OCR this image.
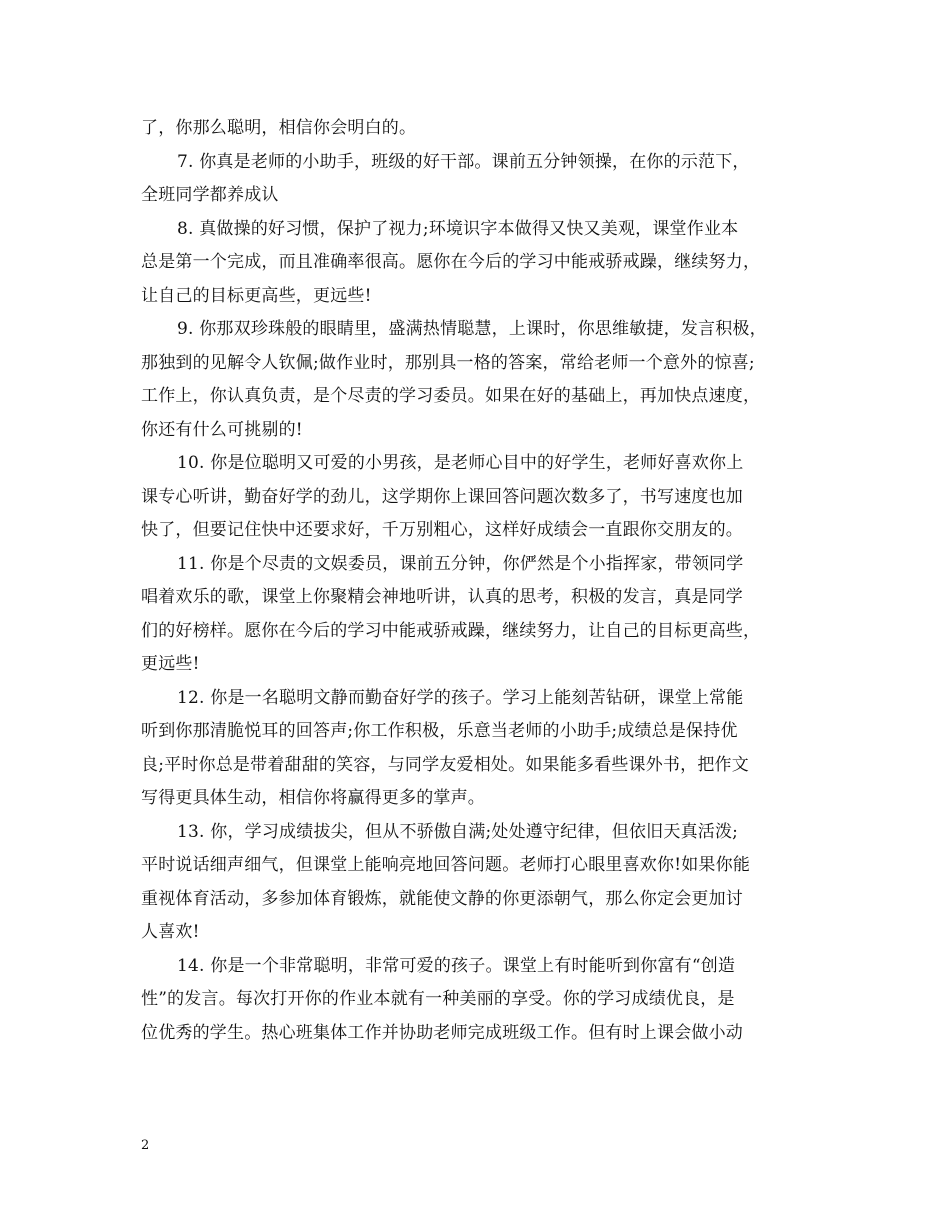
了，你那么聪明，相信你会明白的。
7. 你真是老师的小助手，班级的好干部。课前五分钟领操，在你的示范下，
全班同学都养成认
8. 真做操的好习惯，保护了视力;环境识字本做得又快又美观，课堂作业本
总是第一个完成，而且准确率很高。愿你在今后的学习中能戒骄戒躁，继续努力，
让自己的目标更高些，更远些!
9. 你那双珍珠般的眼睛里，盛满热情聪慧，上课时，你思维敏捷，发言积极，
那独到的见解令人钦佩;做作业时，那别具一格的答案，常给老师一个意外的惊喜;
工作上，你认真负责，是个尽责的学习委员。如果在好的基础上，再加快点速度，
你还有什么可挑剔的!
10. 你是位聪明又可爱的小男孩，是老师心目中的好学生，老师好喜欢你上
课专心听讲，勤奋好学的劲儿，这学期你上课回答问题次数多了，书写速度也加
快了，但要记住快中还要求好，千万别粗心，这样好成绩会一直跟你交朋友的。
11. 你是个尽责的文娱委员，课前五分钟，你俨然是个小指挥家，带领同学
唱着欢乐的歌，课堂上你聚精会神地听讲，认真的思考，积极的发言，真是同学
们的好榜样。愿你在今后的学习中能戒骄戒躁，继续努力，让自己的目标更高些，
更远些!
12. 你是一名聪明文静而勤奋好学的孩子。学习上能刻苦钻研，课堂上常能
听到你那清脆悦耳的回答声;你工作积极，乐意当老师的小助手;成绩总是保持优
良;平时你总是带着甜甜的笑容，与同学友爱相处。如果能多看些课外书，把作文
写得更具体生动，相信你将赢得更多的掌声。
13. 你，学习成绩拔尖，但从不骄傲自满;处处遵守纪律，但依旧天真活泼;
平时说话细声细气，但课堂上能响亮地回答问题。老师打心眼里喜欢你!如果你能
重视体育活动，多参加体育锻炼，就能使文静的你更添朝气，那么你定会更加讨
人喜欢!
14. 你是一个非常聪明，非常可爱的孩子。课堂上有时能听到你富有“创造
性”的发言。每次打开你的作业本就有一种美丽的享受。你的学习成绩优良，是
位优秀的学生。热心班集体工作并协助老师完成班级工作。但有时上课会做小动
2
